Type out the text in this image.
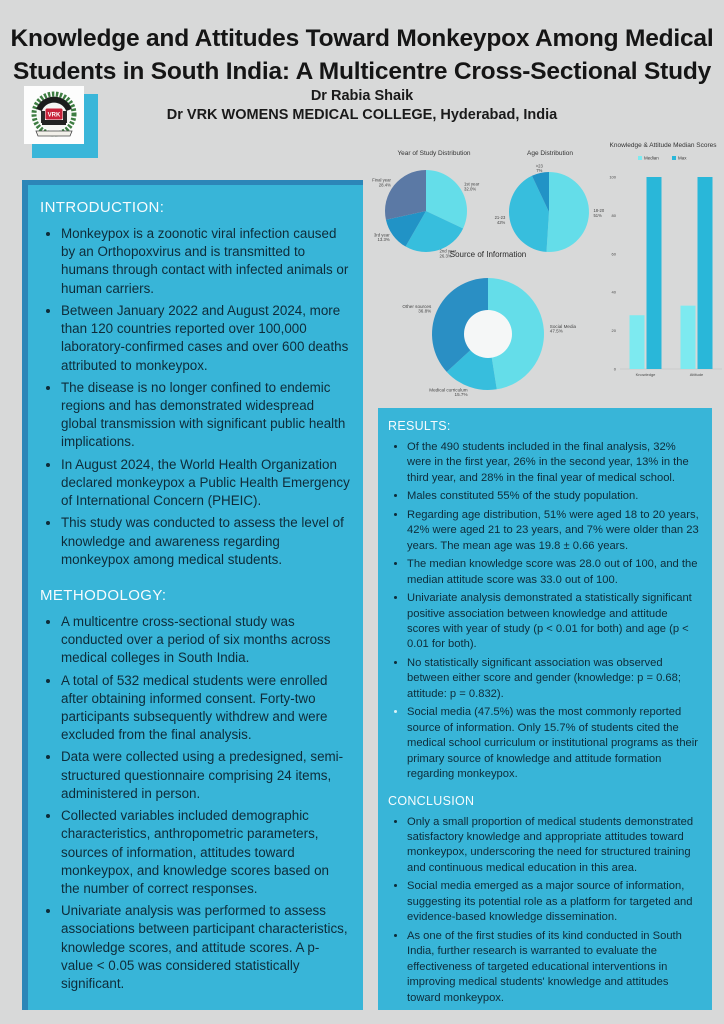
Knowledge and Attitudes Toward Monkeypox Among Medical
Students in South India: A Multicentre Cross-Sectional Study
Dr Rabia Shaik
Dr VRK WOMENS MEDICAL COLLEGE, Hyderabad, India
VRK
Year of Study Distribution
1st year
32.0%
2nd year
26.3%
3rd year
13.3%
Final year
28.4%
Age Distribution
18-20
51%
21-23
42%
>23
7%
Source of Information
Social Media
47.5%
Medical curriculum
15.7%
Other sources
36.8%
Knowledge & Attitude Median Scores
Median	Max
0
20
40
60
80
100
Knowledge	Attitude
INTRODUCTION:
• Monkeypox is a zoonotic viral infection caused by an Orthopoxvirus and is transmitted to humans through contact with infected animals or human carriers.
• Between January 2022 and August 2024, more than 120 countries reported over 100,000 laboratory-confirmed cases and over 600 deaths attributed to monkeypox.
• The disease is no longer confined to endemic regions and has demonstrated widespread global transmission with significant public health implications.
• In August 2024, the World Health Organization declared monkeypox a Public Health Emergency of International Concern (PHEIC).
• This study was conducted to assess the level of knowledge and awareness regarding monkeypox among medical students.
METHODOLOGY:
• A multicentre cross-sectional study was conducted over a period of six months across medical colleges in South India.
• A total of 532 medical students were enrolled after obtaining informed consent. Forty-two participants subsequently withdrew and were excluded from the final analysis.
• Data were collected using a predesigned, semi-structured questionnaire comprising 24 items, administered in person.
• Collected variables included demographic characteristics, anthropometric parameters, sources of information, attitudes toward monkeypox, and knowledge scores based on the number of correct responses.
• Univariate analysis was performed to assess associations between participant characteristics, knowledge scores, and attitude scores. A p-value < 0.05 was considered statistically significant.
RESULTS:
• Of the 490 students included in the final analysis, 32% were in the first year, 26% in the second year, 13% in the third year, and 28% in the final year of medical school.
• Males constituted 55% of the study population.
• Regarding age distribution, 51% were aged 18 to 20 years, 42% were aged 21 to 23 years, and 7% were older than 23 years. The mean age was 19.8 ± 0.66 years.
• The median knowledge score was 28.0 out of 100, and the median attitude score was 33.0 out of 100.
• Univariate analysis demonstrated a statistically significant positive association between knowledge and attitude scores with year of study (p < 0.01 for both) and age (p < 0.01 for both).
• No statistically significant association was observed between either score and gender (knowledge: p = 0.68; attitude: p = 0.832).
• Social media (47.5%) was the most commonly reported source of information. Only 15.7% of students cited the medical school curriculum or institutional programs as their primary source of knowledge and attitude formation regarding monkeypox.
CONCLUSION
• Only a small proportion of medical students demonstrated satisfactory knowledge and appropriate attitudes toward monkeypox, underscoring the need for structured training and continuous medical education in this area.
• Social media emerged as a major source of information, suggesting its potential role as a platform for targeted and evidence-based knowledge dissemination.
• As one of the first studies of its kind conducted in South India, further research is warranted to evaluate the effectiveness of targeted educational interventions in improving medical students' knowledge and attitudes toward monkeypox.
